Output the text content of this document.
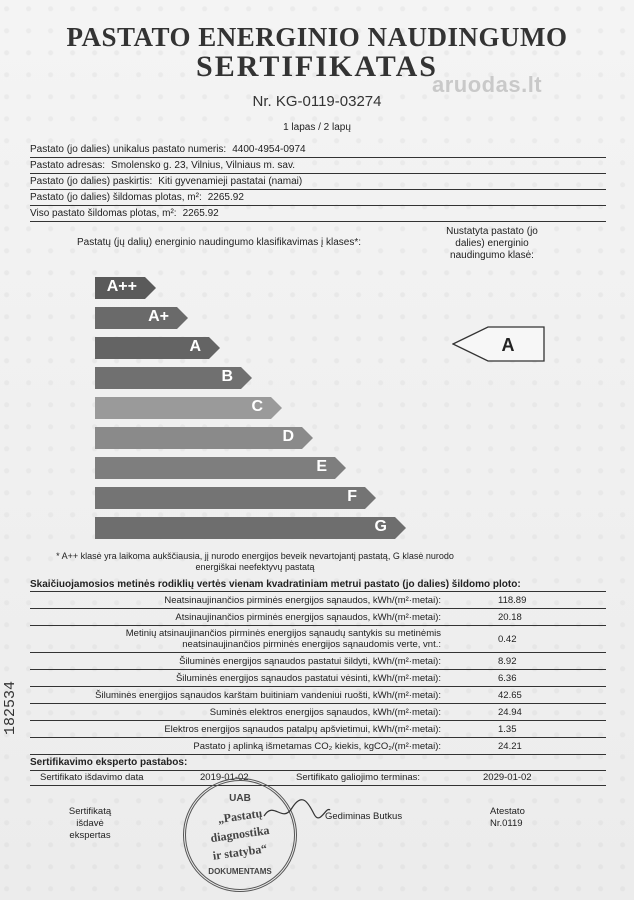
PASTATO ENERGINIO NAUDINGUMO
SERTIFIKATAS
aruodas.lt
Nr. KG-0119-03274
1 lapas / 2 lapų
Pastato (jo dalies) unikalus pastato numeris: 4400-4954-0974
Pastato adresas: Smolensko g. 23, Vilnius, Vilniaus m. sav.
Pastato (jo dalies) paskirtis: Kiti gyvenamieji pastatai (namai)
Pastato (jo dalies) šildomas plotas, m²: 2265.92
Viso pastato šildomas plotas, m²: 2265.92
Pastatų (jų dalių) energinio naudingumo klasifikavimas į klases*:
Nustatyta pastato (jo dalies) energinio naudingumo klasė:
A++
A+
A
B
C
D
E
F
G
A
* A++ klasė yra laikoma aukščiausia, jį nurodo energijos beveik nevartojantį pastatą, G klasė nurodo energiškai neefektyvų pastatą
Skaičiuojamosios metinės rodiklių vertės vienam kvadratiniam metrui pastato (jo dalies) šildomo ploto:
Neatsinaujinančios pirminės energijos sąnaudos, kWh/(m²·metai):	118.89
Atsinaujinančios pirminės energijos sąnaudos, kWh/(m²·metai):	20.18
Metinių atsinaujinančios pirminės energijos sąnaudų santykis su metinėmis neatsinaujinančios pirminės energijos sąnaudomis verte, vnt.:	0.42
Šiluminės energijos sąnaudos pastatui šildyti, kWh/(m²·metai):	8.92
Šiluminės energijos sąnaudos pastatui vėsinti, kWh/(m²·metai):	6.36
Šiluminės energijos sąnaudos karštam buitiniam vandeniui ruošti, kWh/(m²·metai):	42.65
Suminės elektros energijos sąnaudos, kWh/(m²·metai):	24.94
Elektros energijos sąnaudos patalpų apšvietimui, kWh/(m²·metai):	1.35
Pastato į aplinką išmetamas CO₂ kiekis, kgCO₂/(m²·metai):	24.21
Sertifikavimo eksperto pastabos:
Sertifikato išdavimo data	2019-01-02	Sertifikato galiojimo terminas:	2029-01-02
Sertifikatą išdavė ekspertas
Gediminas Butkus	Atestato
Nr.0119
UAB
„Pastatų
diagnostika
ir statyba“
DOKUMENTAMS
182534
